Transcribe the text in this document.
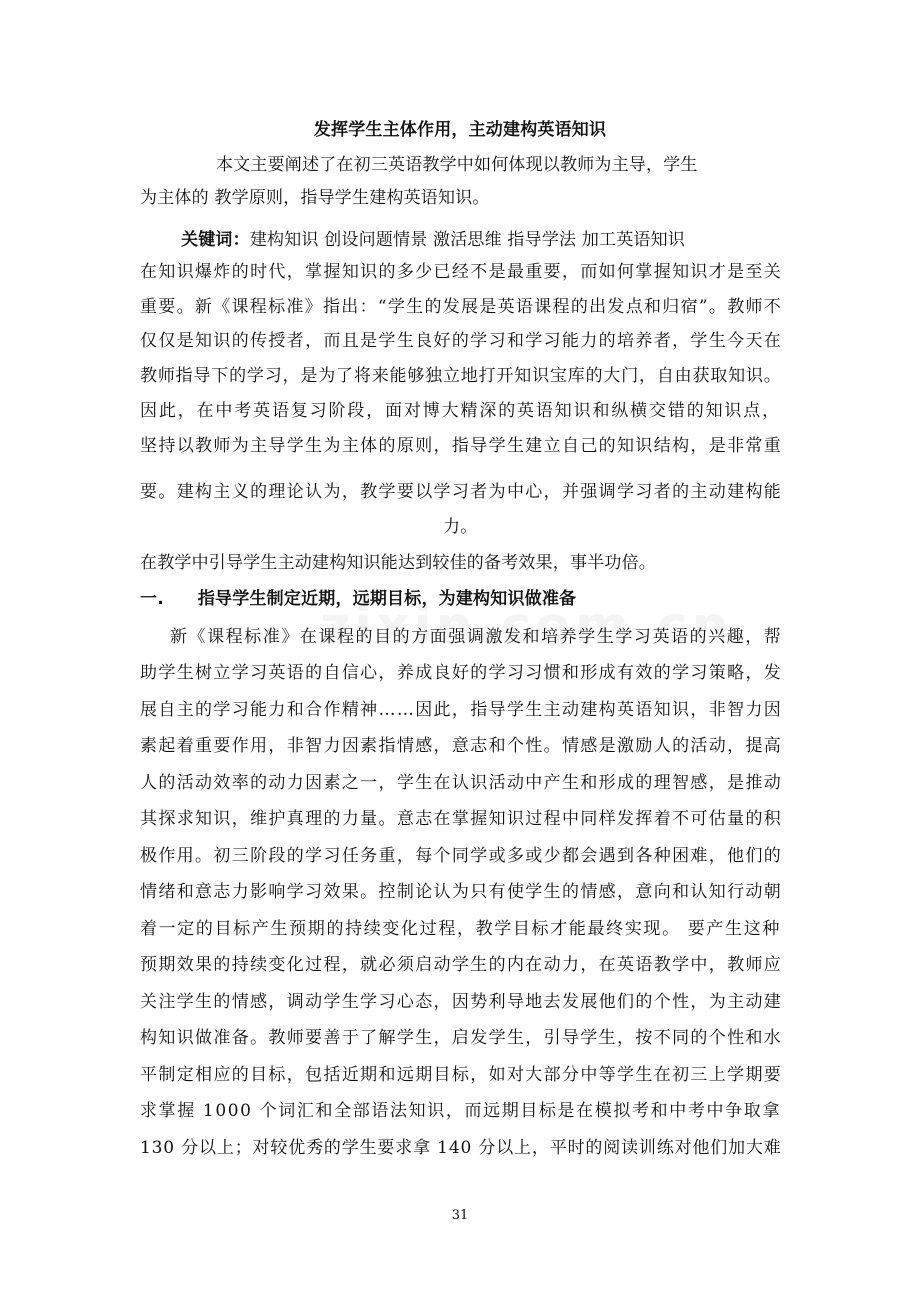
发挥学生主体作用，主动建构英语知识
本文主要阐述了在初三英语教学中如何体现以教师为主导，学生
为主体的 教学原则，指导学生建构英语知识。
关键词：建构知识 创设问题情景 激活思维 指导学法 加工英语知识
在知识爆炸的时代，掌握知识的多少已经不是最重要，而如何掌握知识才是至关
重要。新《课程标准》指出：“学生的发展是英语课程的出发点和归宿”。教师不
仅仅是知识的传授者，而且是学生良好的学习和学习能力的培养者，学生今天在
教师指导下的学习，是为了将来能够独立地打开知识宝库的大门，自由获取知识。
因此，在中考英语复习阶段，面对博大精深的英语知识和纵横交错的知识点，
坚持以教师为主导学生为主体的原则，指导学生建立自己的知识结构，是非常重
要。建构主义的理论认为，教学要以学习者为中心，并强调学习者的主动建构能
力。
在教学中引导学生主动建构知识能达到较佳的备考效果，事半功倍。
一. 指导学生制定近期，远期目标，为建构知识做准备
新《课程标准》在课程的目的方面强调激发和培养学生学习英语的兴趣，帮
助学生树立学习英语的自信心，养成良好的学习习惯和形成有效的学习策略，发
展自主的学习能力和合作精神……因此，指导学生主动建构英语知识，非智力因
素起着重要作用，非智力因素指情感，意志和个性。情感是激励人的活动，提高
人的活动效率的动力因素之一，学生在认识活动中产生和形成的理智感，是推动
其探求知识，维护真理的力量。意志在掌握知识过程中同样发挥着不可估量的积
极作用。初三阶段的学习任务重，每个同学或多或少都会遇到各种困难，他们的
情绪和意志力影响学习效果。控制论认为只有使学生的情感，意向和认知行动朝
着一定的目标产生预期的持续变化过程，教学目标才能最终实现。 要产生这种
预期效果的持续变化过程，就必须启动学生的内在动力，在英语教学中，教师应
关注学生的情感，调动学生学习心态，因势利导地去发展他们的个性，为主动建
构知识做准备。教师要善于了解学生，启发学生，引导学生，按不同的个性和水
平制定相应的目标，包括近期和远期目标，如对大部分中等学生在初三上学期要
求掌握 1000 个词汇和全部语法知识，而远期目标是在模拟考和中考中争取拿
130 分以上；对较优秀的学生要求拿 140 分以上，平时的阅读训练对他们加大难
31
